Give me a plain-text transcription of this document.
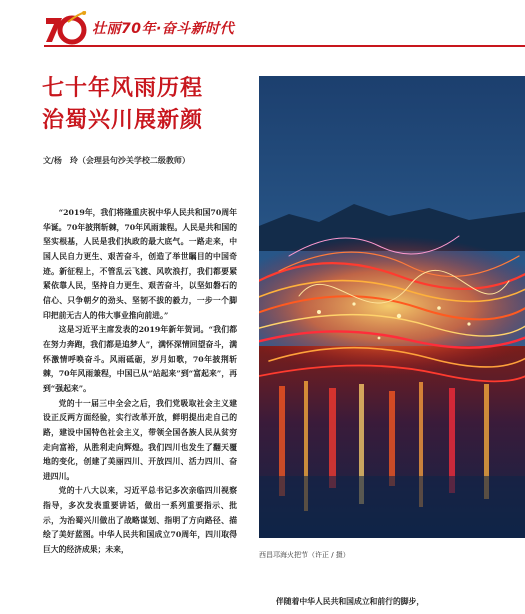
壮丽70年·奋斗新时代
七十年风雨历程
治蜀兴川展新颜
文/杨　玲（会理县句沙关学校二级教师）

“2019年，我们将隆重庆祝中华人民共和国70周年华诞。70年披荆斩棘，70年风雨兼程。人民是共和国的坚实根基，人民是我们执政的最大底气。一路走来，中国人民自力更生、艰苦奋斗，创造了举世瞩目的中国奇迹。新征程上，不管乱云飞渡、风吹浪打，我们都要紧紧依靠人民，坚持自力更生、艰苦奋斗，以坚如磐石的信心、只争朝夕的劲头、坚韧不拔的毅力，一步一个脚印把前无古人的伟大事业推向前进。”

这是习近平主席发表的2019年新年贺词。“我们都在努力奔跑，我们都是追梦人”，满怀深情回望奋斗，满怀激情呼唤奋斗。风雨砥砺，岁月如歌，70年披荆斩棘，70年风雨兼程，中国已从“站起来”到“富起来”，再到“强起来”。

党的十一届三中全会之后，我们党吸取社会主义建设正反两方面经验，实行改革开放，鲜明提出走自己的路，建设中国特色社会主义，带领全国各族人民从贫穷走向富裕，从胜利走向辉煌。我们四川也发生了翻天覆地的变化，创建了美丽四川、开放四川、活力四川、奋进四川。

党的十八大以来，习近平总书记多次亲临四川视察指导，多次发表重要讲话，做出一系列重要指示、批示，为治蜀兴川做出了战略谋划、指明了方向路径、描绘了美好蓝图。中华人民共和国成立70周年，四川取得巨大的经济成果；未来，

西昌邛海火把节（许正 / 摄）
伴随着中华人民共和国成立和前行的脚步，
